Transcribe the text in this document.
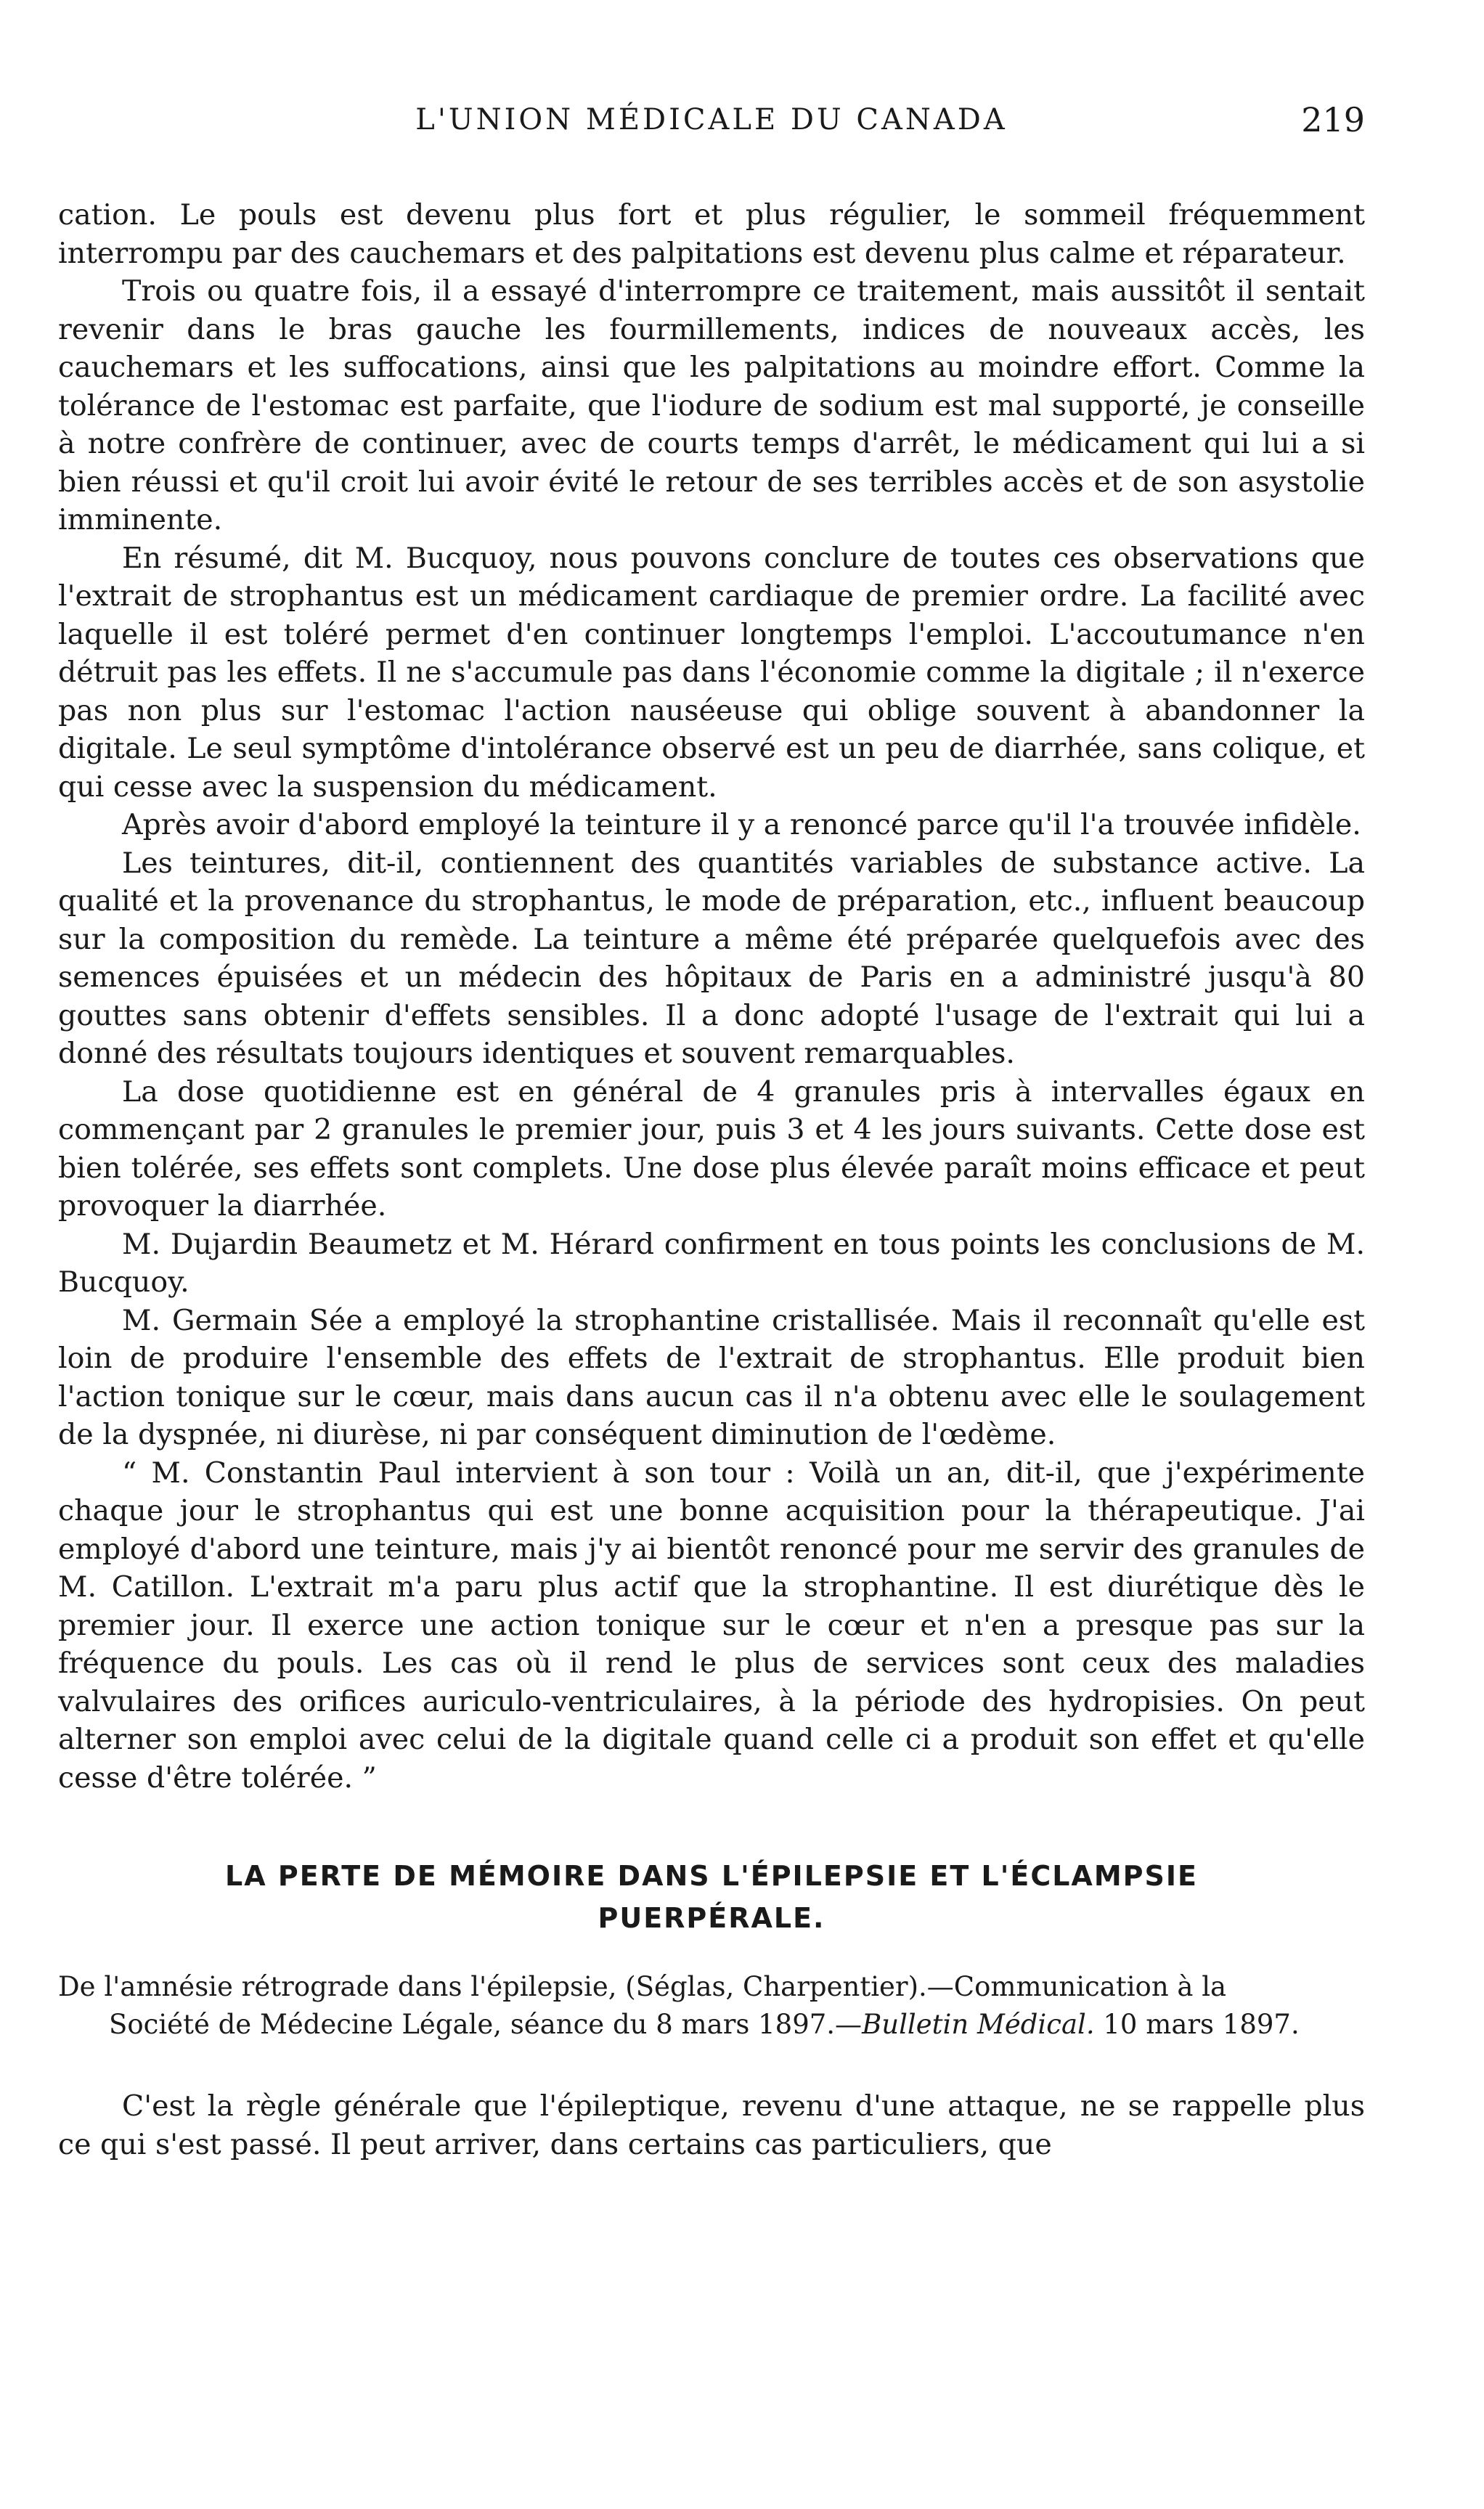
L'UNION MÉDICALE DU CANADA	219

cation. Le pouls est devenu plus fort et plus régulier, le sommeil fréquemment interrompu par des cauchemars et des palpitations est devenu plus calme et réparateur.

Trois ou quatre fois, il a essayé d'interrompre ce traitement, mais aussitôt il sentait revenir dans le bras gauche les fourmillements, indices de nouveaux accès, les cauchemars et les suffocations, ainsi que les palpitations au moindre effort. Comme la tolérance de l'estomac est parfaite, que l'iodure de sodium est mal supporté, je conseille à notre confrère de continuer, avec de courts temps d'arrêt, le médicament qui lui a si bien réussi et qu'il croit lui avoir évité le retour de ses terribles accès et de son asystolie imminente.

En résumé, dit M. Bucquoy, nous pouvons conclure de toutes ces observations que l'extrait de strophantus est un médicament cardiaque de premier ordre. La facilité avec laquelle il est toléré permet d'en continuer longtemps l'emploi. L'accoutumance n'en détruit pas les effets. Il ne s'accumule pas dans l'économie comme la digitale ; il n'exerce pas non plus sur l'estomac l'action nauséeuse qui oblige souvent à abandonner la digitale. Le seul symptôme d'intolérance observé est un peu de diarrhée, sans colique, et qui cesse avec la suspension du médicament.

Après avoir d'abord employé la teinture il y a renoncé parce qu'il l'a trouvée infidèle.

Les teintures, dit-il, contiennent des quantités variables de substance active. La qualité et la provenance du strophantus, le mode de préparation, etc., influent beaucoup sur la composition du remède. La teinture a même été préparée quelquefois avec des semences épuisées et un médecin des hôpitaux de Paris en a administré jusqu'à 80 gouttes sans obtenir d'effets sensibles. Il a donc adopté l'usage de l'extrait qui lui a donné des résultats toujours identiques et souvent remarquables.

La dose quotidienne est en général de 4 granules pris à intervalles égaux en commençant par 2 granules le premier jour, puis 3 et 4 les jours suivants. Cette dose est bien tolérée, ses effets sont complets. Une dose plus élevée paraît moins efficace et peut provoquer la diarrhée.

M. Dujardin Beaumetz et M. Hérard confirment en tous points les conclusions de M. Bucquoy.

M. Germain Sée a employé la strophantine cristallisée. Mais il reconnaît qu'elle est loin de produire l'ensemble des effets de l'extrait de strophantus. Elle produit bien l'action tonique sur le cœur, mais dans aucun cas il n'a obtenu avec elle le soulagement de la dyspnée, ni diurèse, ni par conséquent diminution de l'œdème.

“ M. Constantin Paul intervient à son tour : Voilà un an, dit-il, que j'expérimente chaque jour le strophantus qui est une bonne acquisition pour la thérapeutique. J'ai employé d'abord une teinture, mais j'y ai bientôt renoncé pour me servir des granules de M. Catillon. L'extrait m'a paru plus actif que la strophantine. Il est diurétique dès le premier jour. Il exerce une action tonique sur le cœur et n'en a presque pas sur la fréquence du pouls. Les cas où il rend le plus de services sont ceux des maladies valvulaires des orifices auriculo-ventriculaires, à la période des hydropisies. On peut alterner son emploi avec celui de la digitale quand celle ci a produit son effet et qu'elle cesse d'être tolérée. ”

LA PERTE DE MÉMOIRE DANS L'ÉPILEPSIE ET L'ÉCLAMPSIE
PUERPÉRALE.
De l'amnésie rétrograde dans l'épilepsie, (Séglas, Charpentier).—Communication à la
Société de Médecine Légale, séance du 8 mars 1897.—Bulletin Médical. 10 mars 1897.

C'est la règle générale que l'épileptique, revenu d'une attaque, ne se rappelle plus ce qui s'est passé. Il peut arriver, dans certains cas particuliers, que
